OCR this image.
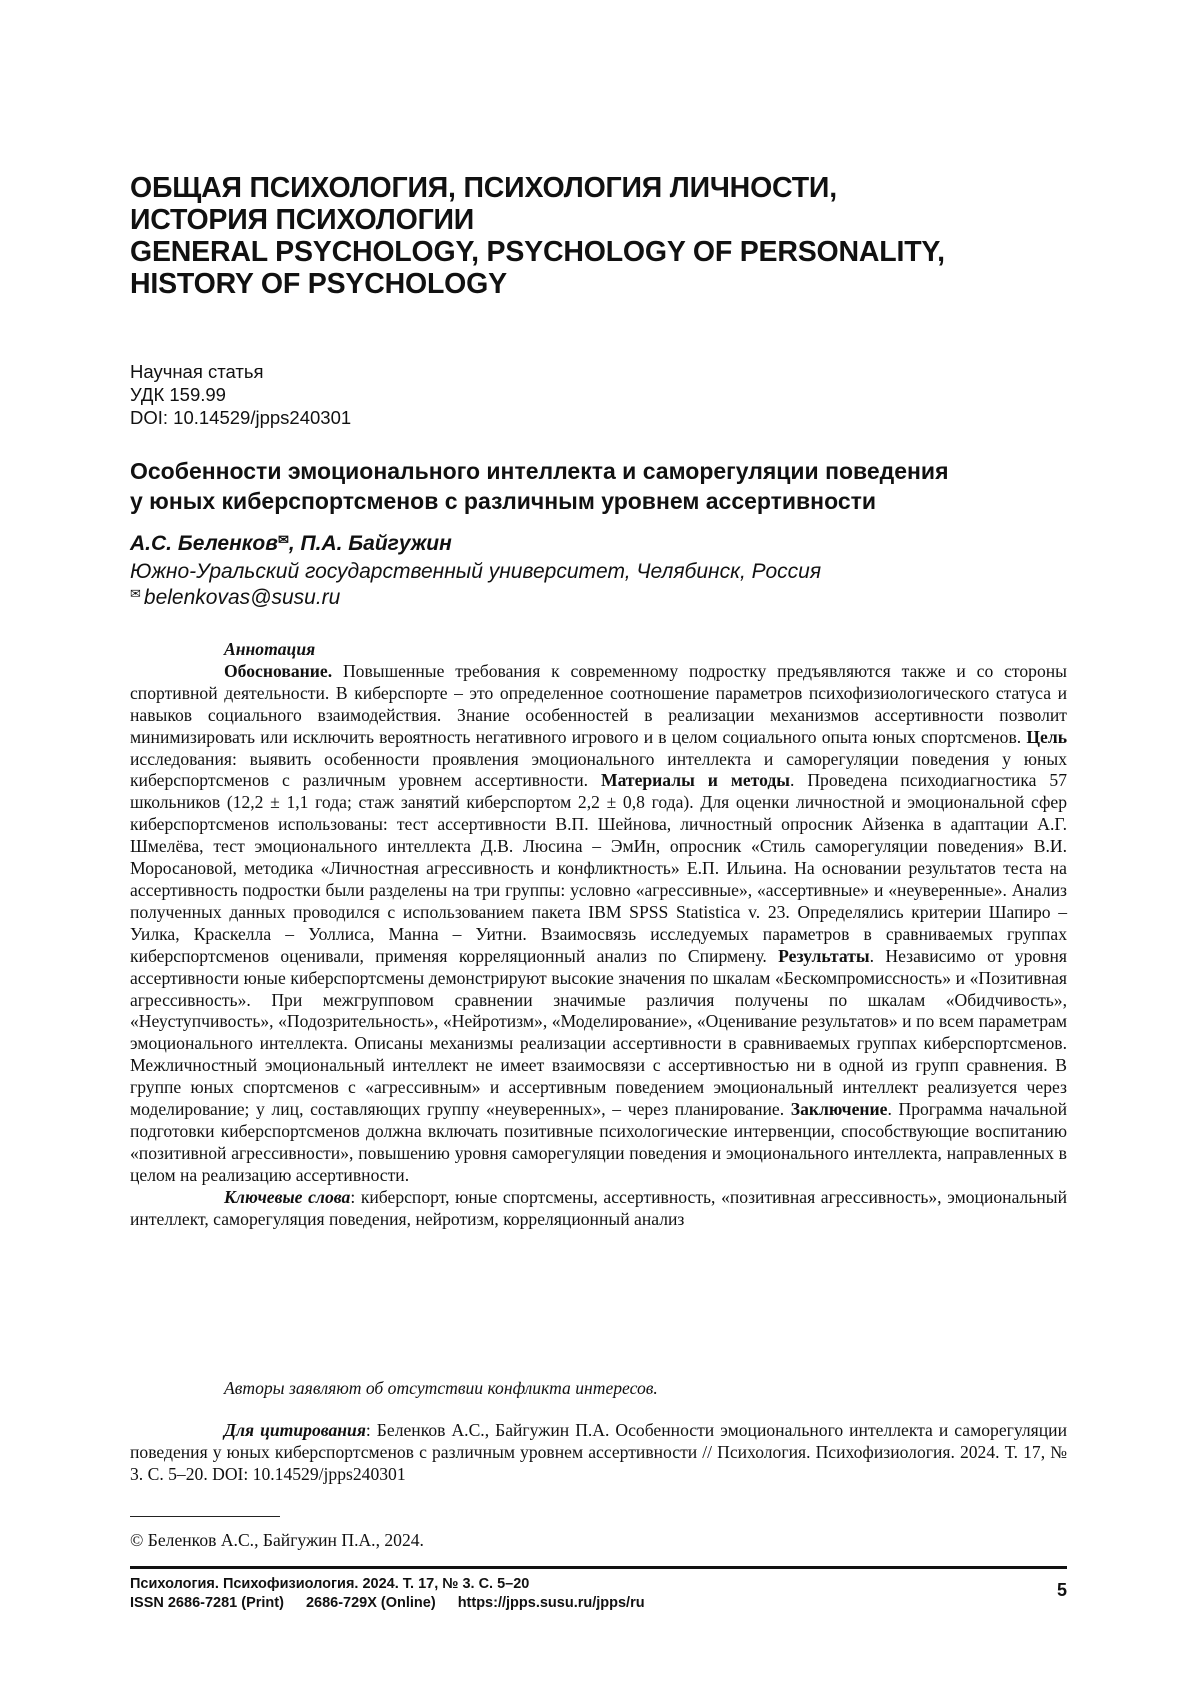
ОБЩАЯ ПСИХОЛОГИЯ, ПСИХОЛОГИЯ ЛИЧНОСТИ,
ИСТОРИЯ ПСИХОЛОГИИ
GENERAL PSYCHOLOGY, PSYCHOLOGY OF PERSONALITY,
HISTORY OF PSYCHOLOGY
Научная статья
УДК 159.99
DOI: 10.14529/jpps240301
Особенности эмоционального интеллекта и саморегуляции поведения
у юных киберспортсменов с различным уровнем ассертивности
А.С. Беленков✉, П.А. Байгужин
Южно-Уральский государственный университет, Челябинск, Россия
✉ belenkovas@susu.ru
Аннотация

Обоснование. Повышенные требования к современному подростку предъявляются также и со стороны спортивной деятельности. В киберспорте – это определенное соотношение параметров психофизиологического статуса и навыков социального взаимодействия. Знание особенностей в реализации механизмов ассертивности позволит минимизировать или исключить вероятность негативного игрового и в целом социального опыта юных спортсменов. Цель исследования: выявить особенности проявления эмоционального интеллекта и саморегуляции поведения у юных киберспортсменов с различным уровнем ассертивности. Материалы и методы. Проведена психодиагностика 57 школьников (12,2 ± 1,1 года; стаж занятий киберспортом 2,2 ± 0,8 года). Для оценки личностной и эмоциональной сфер киберспортсменов использованы: тест ассертивности В.П. Шейнова, личностный опросник Айзенка в адаптации А.Г. Шмелёва, тест эмоционального интеллекта Д.В. Люсина – ЭмИн, опросник «Стиль саморегуляции поведения» В.И. Моросановой, методика «Личностная агрессивность и конфликтность» Е.П. Ильина. На основании результатов теста на ассертивность подростки были разделены на три группы: условно «агрессивные», «ассертивные» и «неуверенные». Анализ полученных данных проводился с использованием пакета IBM SPSS Statistica v. 23. Определялись критерии Шапиро – Уилка, Краскелла – Уоллиса, Манна – Уитни. Взаимосвязь исследуемых параметров в сравниваемых группах киберспортсменов оценивали, применяя корреляционный анализ по Спирмену. Результаты. Независимо от уровня ассертивности юные киберспортсмены демонстрируют высокие значения по шкалам «Бескомпромиссность» и «Позитивная агрессивность». При межгрупповом сравнении значимые различия получены по шкалам «Обидчивость», «Неуступчивость», «Подозрительность», «Нейротизм», «Моделирование», «Оценивание результатов» и по всем параметрам эмоционального интеллекта. Описаны механизмы реализации ассертивности в сравниваемых группах киберспортсменов. Межличностный эмоциональный интеллект не имеет взаимосвязи с ассертивностью ни в одной из групп сравнения. В группе юных спортсменов с «агрессивным» и ассертивным поведением эмоциональный интеллект реализуется через моделирование; у лиц, составляющих группу «неуверенных», – через планирование. Заключение. Программа начальной подготовки киберспортсменов должна включать позитивные психологические интервенции, способствующие воспитанию «позитивной агрессивности», повышению уровня саморегуляции поведения и эмоционального интеллекта, направленных в целом на реализацию ассертивности.

Ключевые слова: киберспорт, юные спортсмены, ассертивность, «позитивная агрессивность», эмоциональный интеллект, саморегуляция поведения, нейротизм, корреляционный анализ

Авторы заявляют об отсутствии конфликта интересов.
Для цитирования: Беленков А.С., Байгужин П.А. Особенности эмоционального интеллекта и саморегуляции поведения у юных киберспортсменов с различным уровнем ассертивности // Психология. Психофизиология. 2024. Т. 17, № 3. С. 5–20. DOI: 10.14529/jpps240301
© Беленков А.С., Байгужин П.А., 2024.
Психология. Психофизиология. 2024. Т. 17, № 3. С. 5–20
ISSN 2686-7281 (Print) 2686-729X (Online) https://jpps.susu.ru/jpps/ru
5
